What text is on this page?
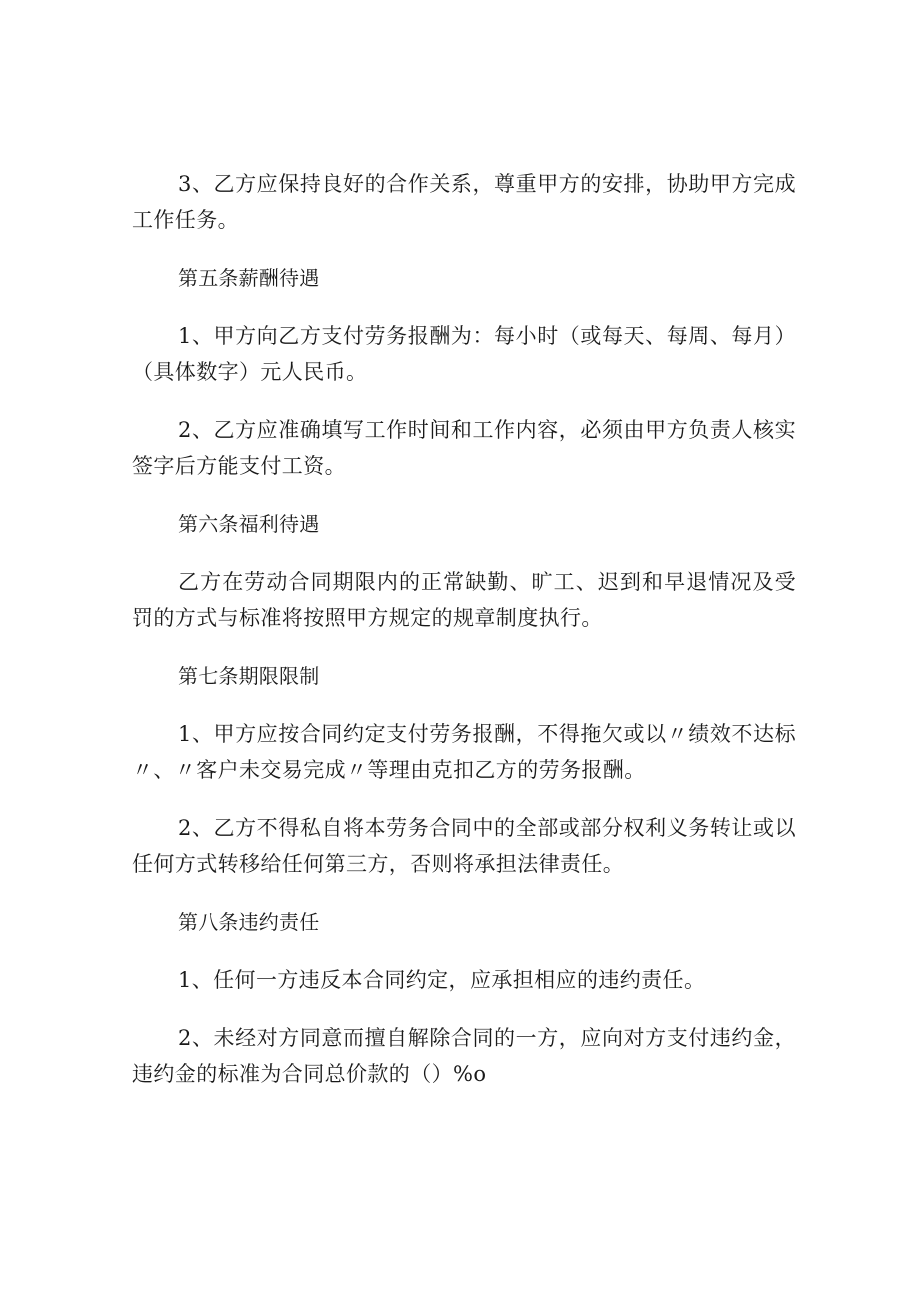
3、乙方应保持良好的合作关系，尊重甲方的安排，协助甲方完成工作任务。

第五条薪酬待遇

1、甲方向乙方支付劳务报酬为：每小时（或每天、每周、每月）（具体数字）元人民币。

2、乙方应准确填写工作时间和工作内容，必须由甲方负责人核实签字后方能支付工资。

第六条福利待遇

乙方在劳动合同期限内的正常缺勤、旷工、迟到和早退情况及受罚的方式与标准将按照甲方规定的规章制度执行。

第七条期限限制

1、甲方应按合同约定支付劳务报酬，不得拖欠或以〃绩效不达标〃、〃客户未交易完成〃等理由克扣乙方的劳务报酬。

2、乙方不得私自将本劳务合同中的全部或部分权利义务转让或以任何方式转移给任何第三方，否则将承担法律责任。

第八条违约责任

1、任何一方违反本合同约定，应承担相应的违约责任。

2、未经对方同意而擅自解除合同的一方，应向对方支付违约金，违约金的标准为合同总价款的（）%o
